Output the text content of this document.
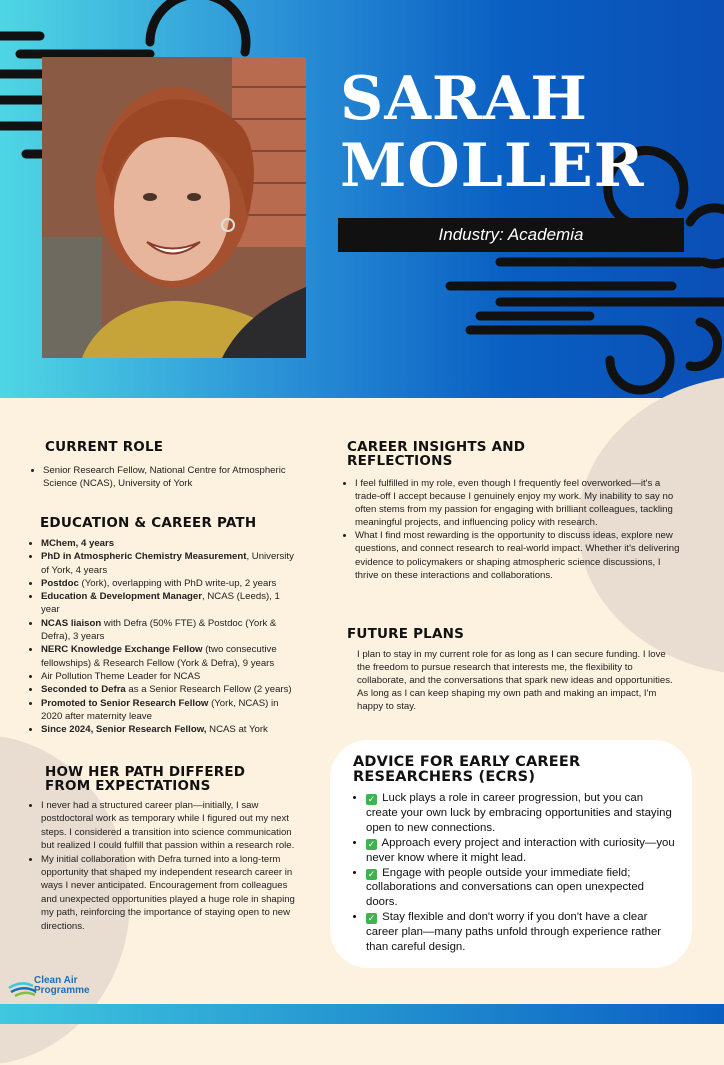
SARAH
MOLLER
Industry: Academia
CURRENT ROLE
• Senior Research Fellow, National Centre for Atmospheric Science (NCAS), University of York
EDUCATION & CAREER PATH
• MChem, 4 years
• PhD in Atmospheric Chemistry Measurement, University of York, 4 years
• Postdoc (York), overlapping with PhD write-up, 2 years
• Education & Development Manager, NCAS (Leeds), 1 year
• NCAS liaison with Defra (50% FTE) & Postdoc (York & Defra), 3 years
• NERC Knowledge Exchange Fellow (two consecutive fellowships) & Research Fellow (York & Defra), 9 years
• Air Pollution Theme Leader for NCAS
• Seconded to Defra as a Senior Research Fellow (2 years)
• Promoted to Senior Research Fellow (York, NCAS) in 2020 after maternity leave
• Since 2024, Senior Research Fellow, NCAS at York
HOW HER PATH DIFFERED
FROM EXPECTATIONS
• I never had a structured career plan—initially, I saw postdoctoral work as temporary while I figured out my next steps. I considered a transition into science communication but realized I could fulfill that passion within a research role.
• My initial collaboration with Defra turned into a long-term opportunity that shaped my independent research career in ways I never anticipated. Encouragement from colleagues and unexpected opportunities played a huge role in shaping my path, reinforcing the importance of staying open to new directions.
CAREER INSIGHTS AND
REFLECTIONS
• I feel fulfilled in my role, even though I frequently feel overworked—it's a trade-off I accept because I genuinely enjoy my work. My inability to say no often stems from my passion for engaging with brilliant colleagues, tackling meaningful projects, and influencing policy with research.
• What I find most rewarding is the opportunity to discuss ideas, explore new questions, and connect research to real-world impact. Whether it's delivering evidence to policymakers or shaping atmospheric science discussions, I thrive on these interactions and collaborations.
FUTURE PLANS
I plan to stay in my current role for as long as I can secure funding. I love the freedom to pursue research that interests me, the flexibility to collaborate, and the conversations that spark new ideas and opportunities. As long as I can keep shaping my own path and making an impact, I'm happy to stay.
ADVICE FOR EARLY CAREER
RESEARCHERS (ECRS)
• ✓ Luck plays a role in career progression, but you can create your own luck by embracing opportunities and staying open to new connections.
• ✓ Approach every project and interaction with curiosity—you never know where it might lead.
• ✓ Engage with people outside your immediate field; collaborations and conversations can open unexpected doors.
• ✓ Stay flexible and don't worry if you don't have a clear career plan—many paths unfold through experience rather than careful design.
Clean Air
Programme
